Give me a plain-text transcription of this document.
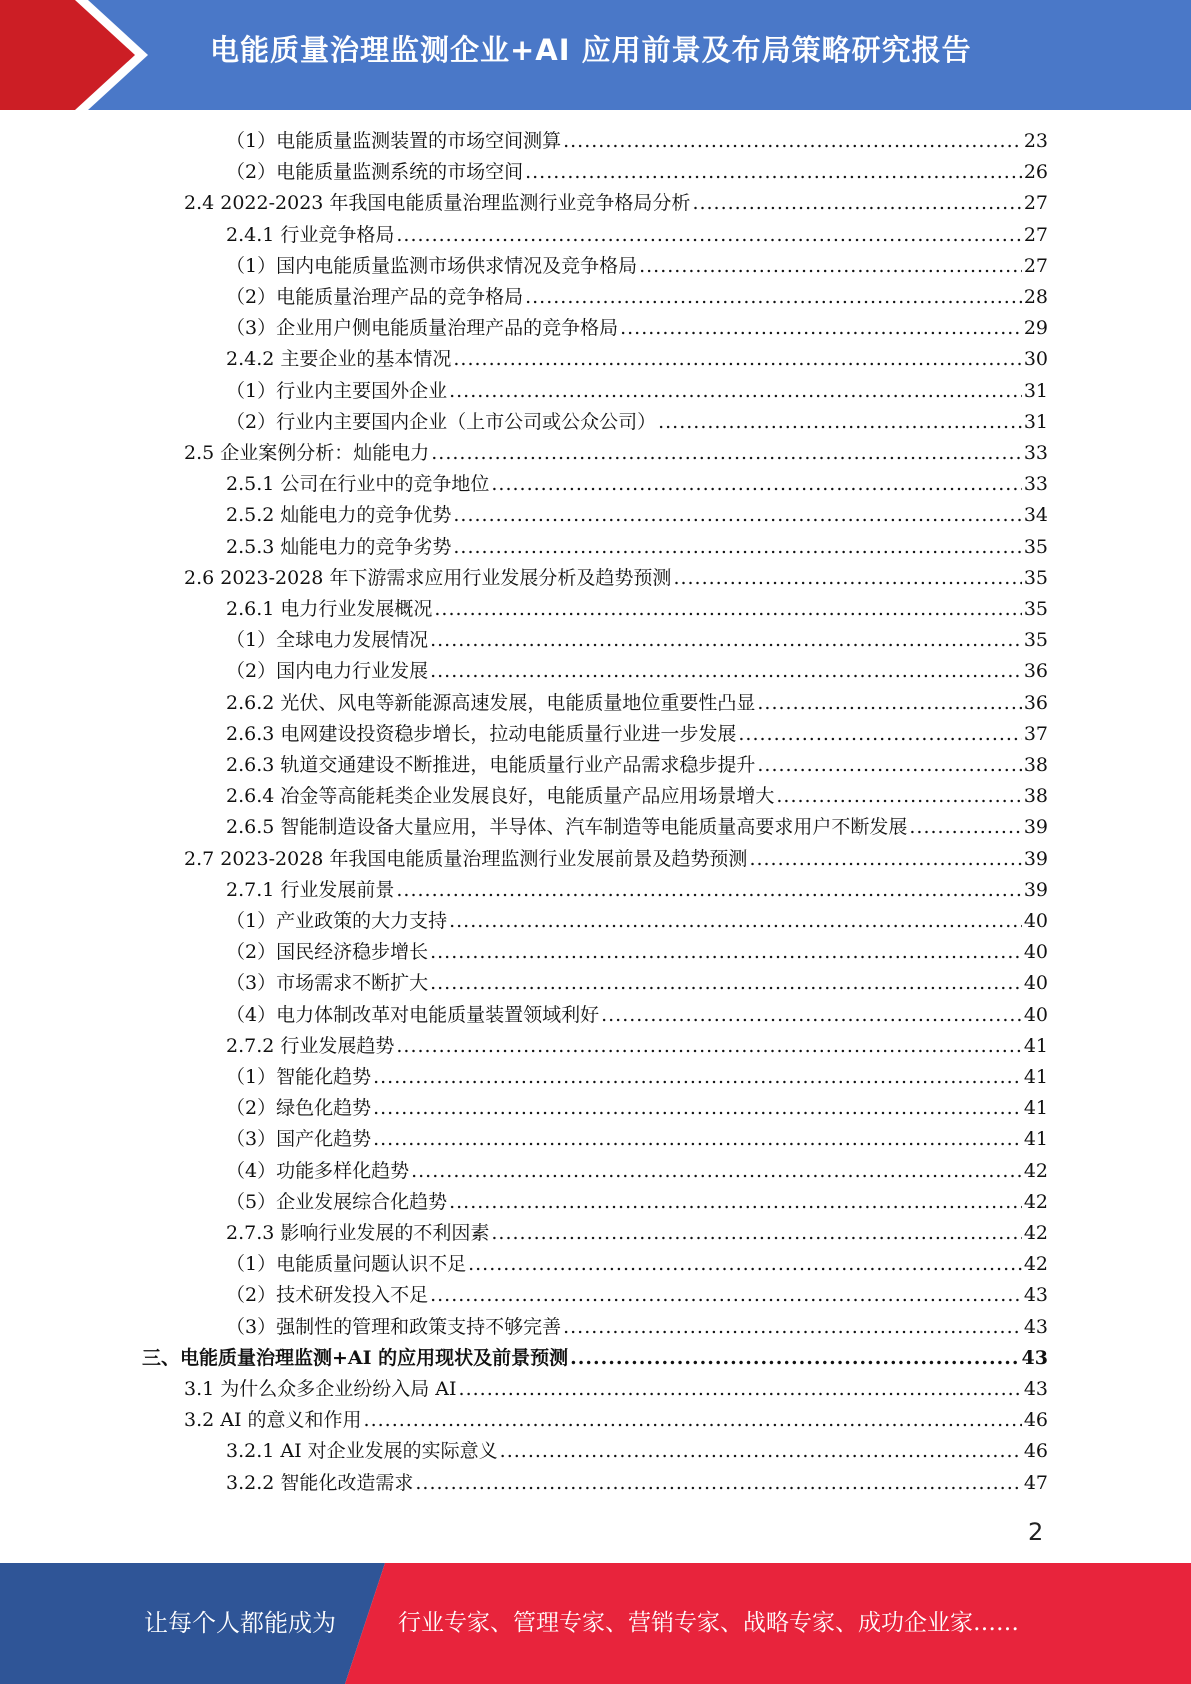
电能质量治理监测企业+AI 应用前景及布局策略研究报告
（1）电能质量监测装置的市场空间测算 .....	23
（2）电能质量监测系统的市场空间 .....	26
2.4 2022-2023 年我国电能质量治理监测行业竞争格局分析 .....	27
2.4.1 行业竞争格局 .....	27
（1）国内电能质量监测市场供求情况及竞争格局 .....	27
（2）电能质量治理产品的竞争格局 .....	28
（3）企业用户侧电能质量治理产品的竞争格局 .....	29
2.4.2 主要企业的基本情况 .....	30
（1）行业内主要国外企业 .....	31
（2）行业内主要国内企业（上市公司或公众公司） .....	31
2.5 企业案例分析：灿能电力 .....	33
2.5.1 公司在行业中的竞争地位 .....	33
2.5.2 灿能电力的竞争优势 .....	34
2.5.3 灿能电力的竞争劣势 .....	35
2.6 2023-2028 年下游需求应用行业发展分析及趋势预测 .....	35
2.6.1 电力行业发展概况 .....	35
（1）全球电力发展情况 .....	35
（2）国内电力行业发展 .....	36
2.6.2 光伏、风电等新能源高速发展，电能质量地位重要性凸显 .....	36
2.6.3 电网建设投资稳步增长，拉动电能质量行业进一步发展 .....	37
2.6.3 轨道交通建设不断推进，电能质量行业产品需求稳步提升 .....	38
2.6.4 冶金等高能耗类企业发展良好，电能质量产品应用场景增大 .....	38
2.6.5 智能制造设备大量应用，半导体、汽车制造等电能质量高要求用户不断发展 .....	39
2.7 2023-2028 年我国电能质量治理监测行业发展前景及趋势预测 .....	39
2.7.1 行业发展前景 .....	39
（1）产业政策的大力支持 .....	40
（2）国民经济稳步增长 .....	40
（3）市场需求不断扩大 .....	40
（4）电力体制改革对电能质量装置领域利好 .....	40
2.7.2 行业发展趋势 .....	41
（1）智能化趋势 .....	41
（2）绿色化趋势 .....	41
（3）国产化趋势 .....	41
（4）功能多样化趋势 .....	42
（5）企业发展综合化趋势 .....	42
2.7.3 影响行业发展的不利因素 .....	42
（1）电能质量问题认识不足 .....	42
（2）技术研发投入不足 .....	43
（3）强制性的管理和政策支持不够完善 .....	43
三、电能质量治理监测+AI 的应用现状及前景预测 .....	43
3.1 为什么众多企业纷纷入局 AI .....	43
3.2 AI 的意义和作用 .....	46
3.2.1 AI 对企业发展的实际意义 .....	46
3.2.2 智能化改造需求 .....	47
2
让每个人都能成为	行业专家、管理专家、营销专家、战略专家、成功企业家……
